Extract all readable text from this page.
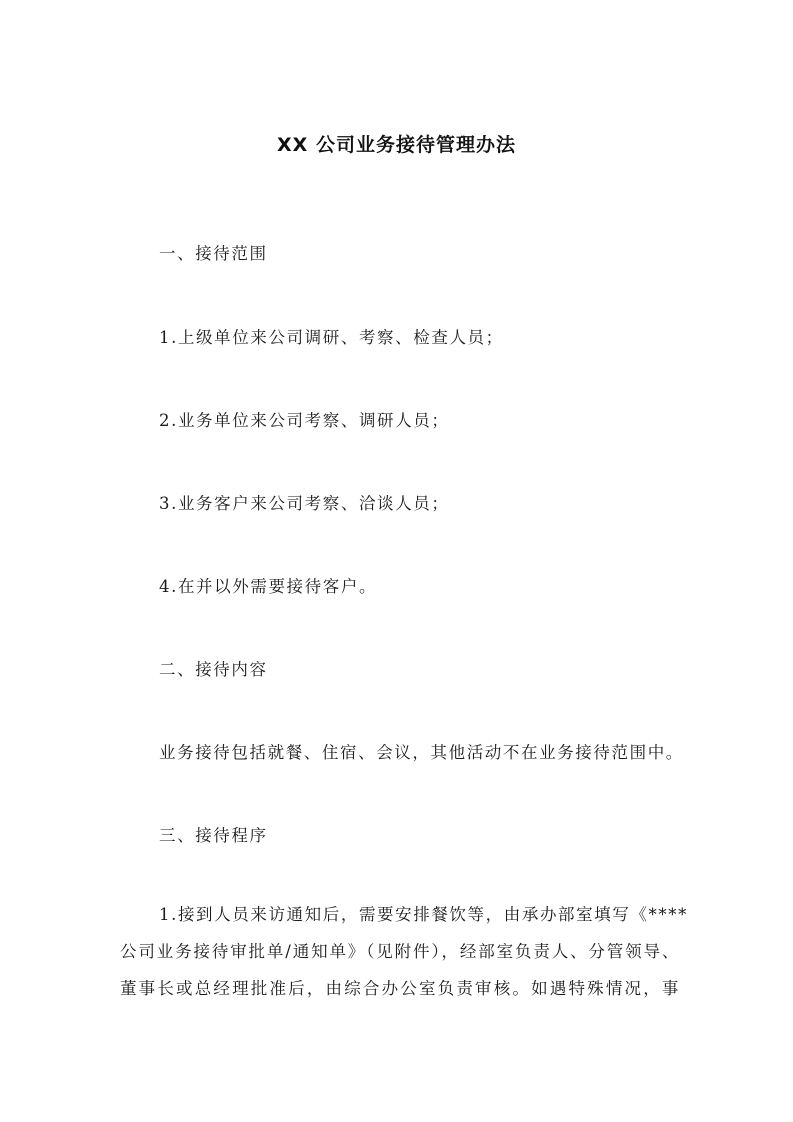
XX 公司业务接待管理办法

一、接待范围

1.上级单位来公司调研、考察、检查人员；

2.业务单位来公司考察、调研人员；

3.业务客户来公司考察、洽谈人员；

4.在并以外需要接待客户。

二、接待内容

业务接待包括就餐、住宿、会议，其他活动不在业务接待范围中。

三、接待程序

1.接到人员来访通知后，需要安排餐饮等，由承办部室填写《****
公司业务接待审批单/通知单》（见附件），经部室负责人、分管领导、
董事长或总经理批准后，由综合办公室负责审核。如遇特殊情况，事
